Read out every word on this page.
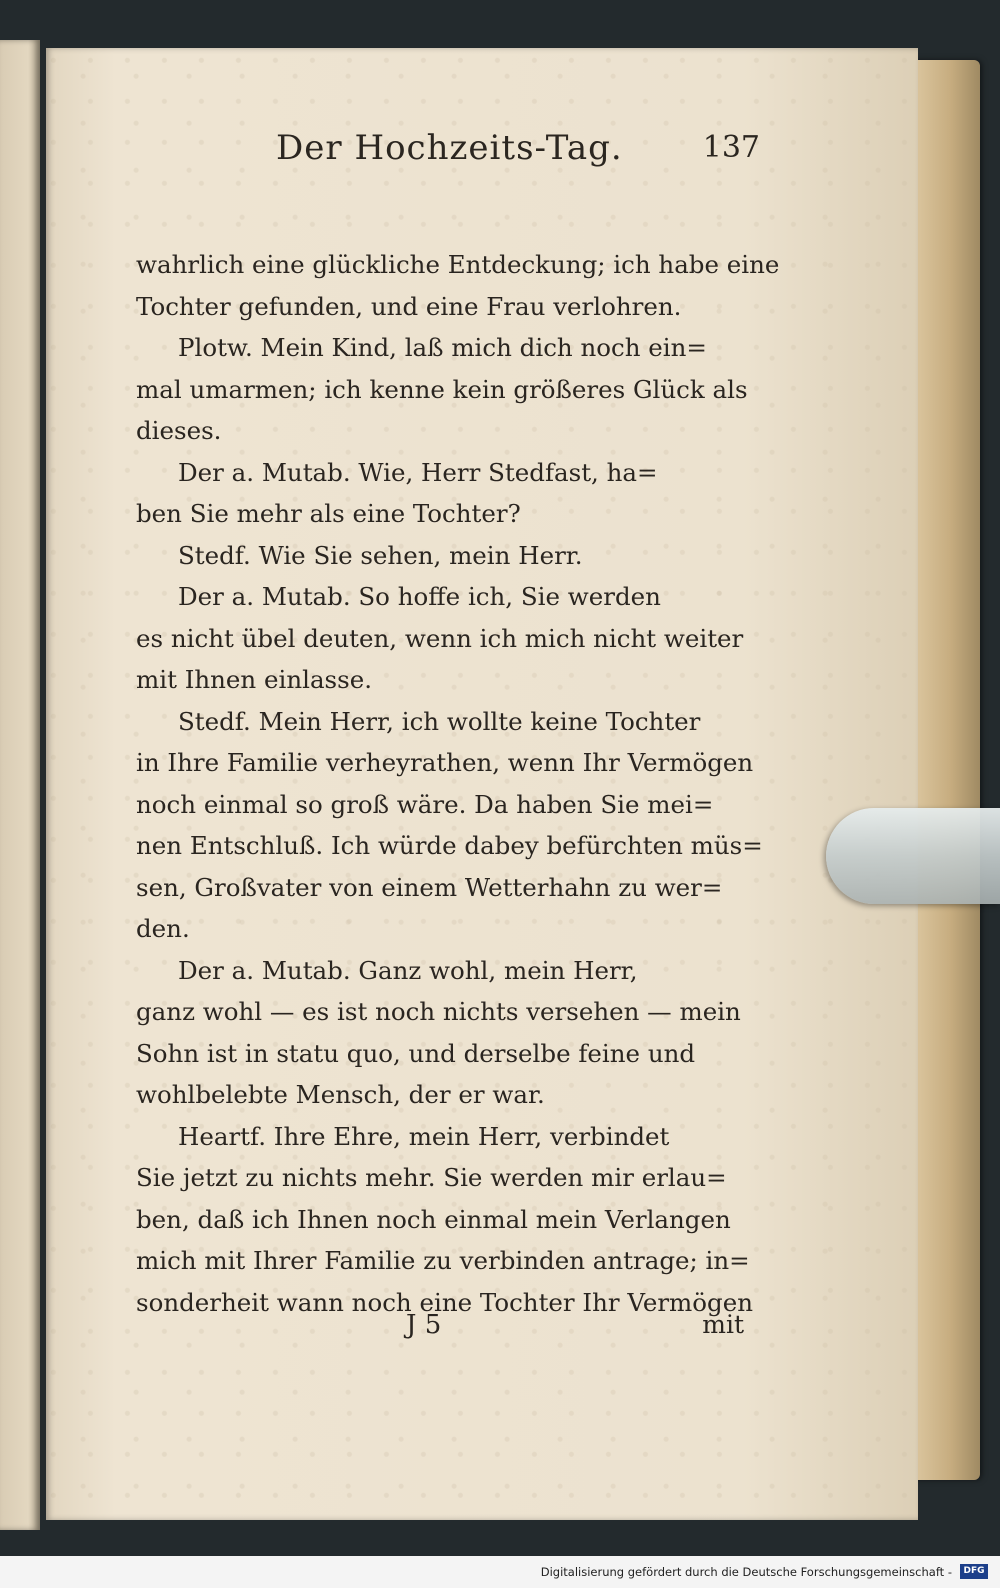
Der Hochzeits-Tag.	137
wahrlich eine glückliche Entdeckung; ich habe eine
Tochter gefunden, und eine Frau verlohren.
Plotw. Mein Kind, laß mich dich noch ein=
mal umarmen; ich kenne kein größeres Glück als
dieses.
Der a. Mutab. Wie, Herr Stedfast, ha=
ben Sie mehr als eine Tochter?
Stedf. Wie Sie sehen, mein Herr.
Der a. Mutab. So hoffe ich, Sie werden
es nicht übel deuten, wenn ich mich nicht weiter
mit Ihnen einlasse.
Stedf. Mein Herr, ich wollte keine Tochter
in Ihre Familie verheyrathen, wenn Ihr Vermögen
noch einmal so groß wäre. Da haben Sie mei=
nen Entschluß. Ich würde dabey befürchten müs=
sen, Großvater von einem Wetterhahn zu wer=
den.
Der a. Mutab. Ganz wohl, mein Herr,
ganz wohl — es ist noch nichts versehen — mein
Sohn ist in statu quo, und derselbe feine und
wohlbelebte Mensch, der er war.
Heartf. Ihre Ehre, mein Herr, verbindet
Sie jetzt zu nichts mehr. Sie werden mir erlau=
ben, daß ich Ihnen noch einmal mein Verlangen
mich mit Ihrer Familie zu verbinden antrage; in=
sonderheit wann noch eine Tochter Ihr Vermögen
J 5	mit
Digitalisierung gefördert durch die Deutsche Forschungsgemeinschaft -	DFG
